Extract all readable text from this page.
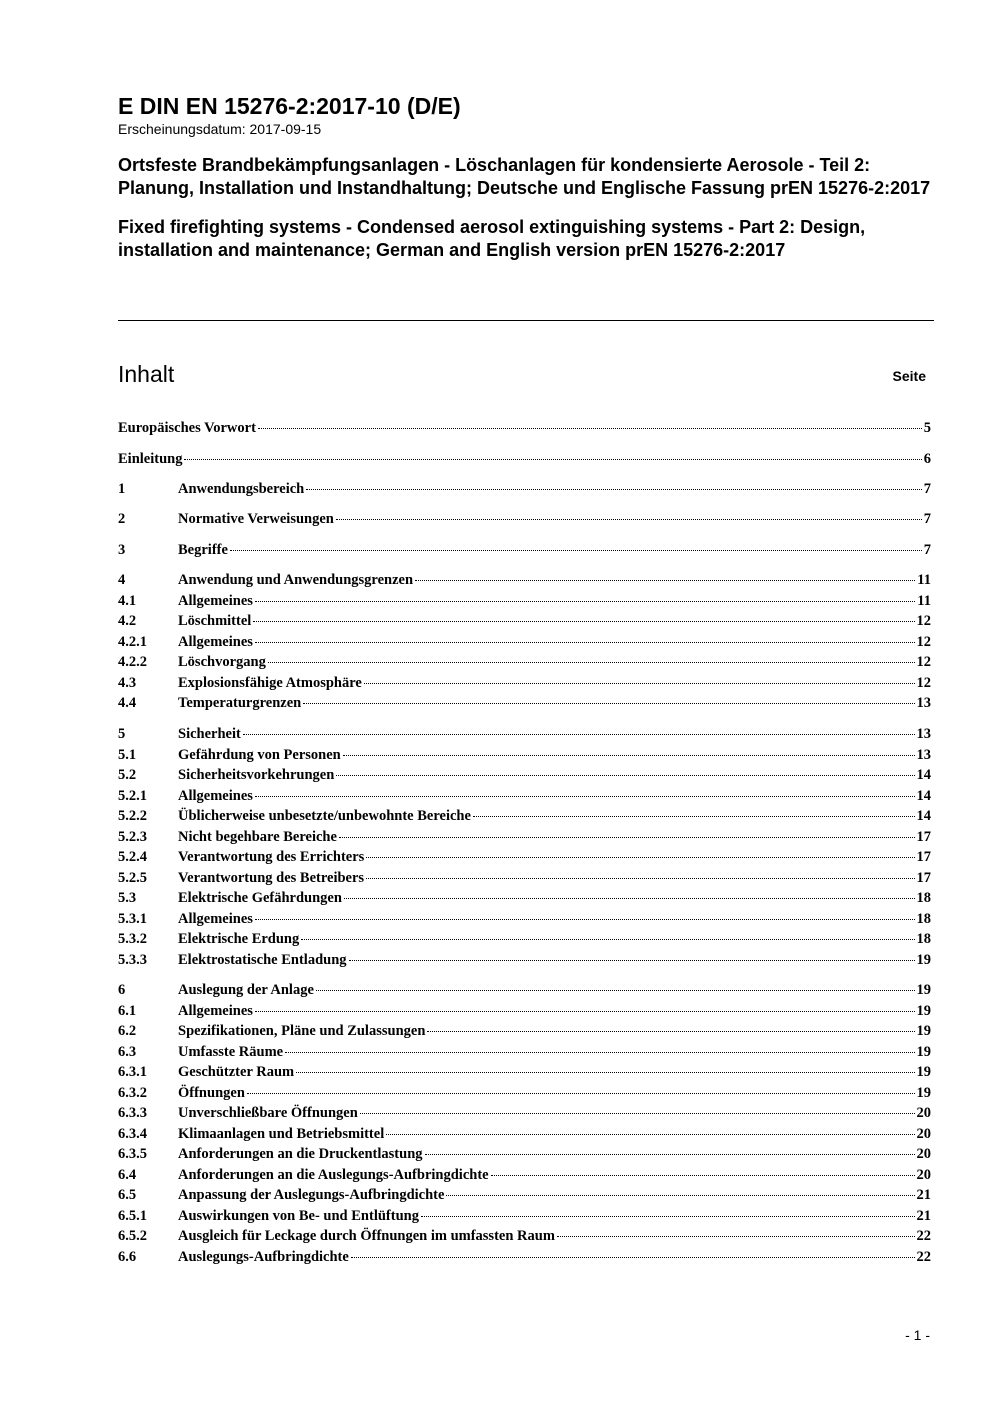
E DIN EN 15276-2:2017-10 (D/E)
Erscheinungsdatum: 2017-09-15
Ortsfeste Brandbekämpfungsanlagen - Löschanlagen für kondensierte Aerosole - Teil 2: Planung, Installation und Instandhaltung; Deutsche und Englische Fassung prEN 15276-2:2017
Fixed firefighting systems - Condensed aerosol extinguishing systems - Part 2: Design, installation and maintenance; German and English version prEN 15276-2:2017
Inhalt	Seite
Europäisches Vorwort	5
Einleitung	6
1	Anwendungsbereich	7
2	Normative Verweisungen	7
3	Begriffe	7
4	Anwendung und Anwendungsgrenzen	11
4.1	Allgemeines	11
4.2	Löschmittel	12
4.2.1	Allgemeines	12
4.2.2	Löschvorgang	12
4.3	Explosionsfähige Atmosphäre	12
4.4	Temperaturgrenzen	13
5	Sicherheit	13
5.1	Gefährdung von Personen	13
5.2	Sicherheitsvorkehrungen	14
5.2.1	Allgemeines	14
5.2.2	Üblicherweise unbesetzte/unbewohnte Bereiche	14
5.2.3	Nicht begehbare Bereiche	17
5.2.4	Verantwortung des Errichters	17
5.2.5	Verantwortung des Betreibers	17
5.3	Elektrische Gefährdungen	18
5.3.1	Allgemeines	18
5.3.2	Elektrische Erdung	18
5.3.3	Elektrostatische Entladung	19
6	Auslegung der Anlage	19
6.1	Allgemeines	19
6.2	Spezifikationen, Pläne und Zulassungen	19
6.3	Umfasste Räume	19
6.3.1	Geschützter Raum	19
6.3.2	Öffnungen	19
6.3.3	Unverschließbare Öffnungen	20
6.3.4	Klimaanlagen und Betriebsmittel	20
6.3.5	Anforderungen an die Druckentlastung	20
6.4	Anforderungen an die Auslegungs-Aufbringdichte	20
6.5	Anpassung der Auslegungs-Aufbringdichte	21
6.5.1	Auswirkungen von Be- und Entlüftung	21
6.5.2	Ausgleich für Leckage durch Öffnungen im umfassten Raum	22
6.6	Auslegungs-Aufbringdichte	22
- 1 -
